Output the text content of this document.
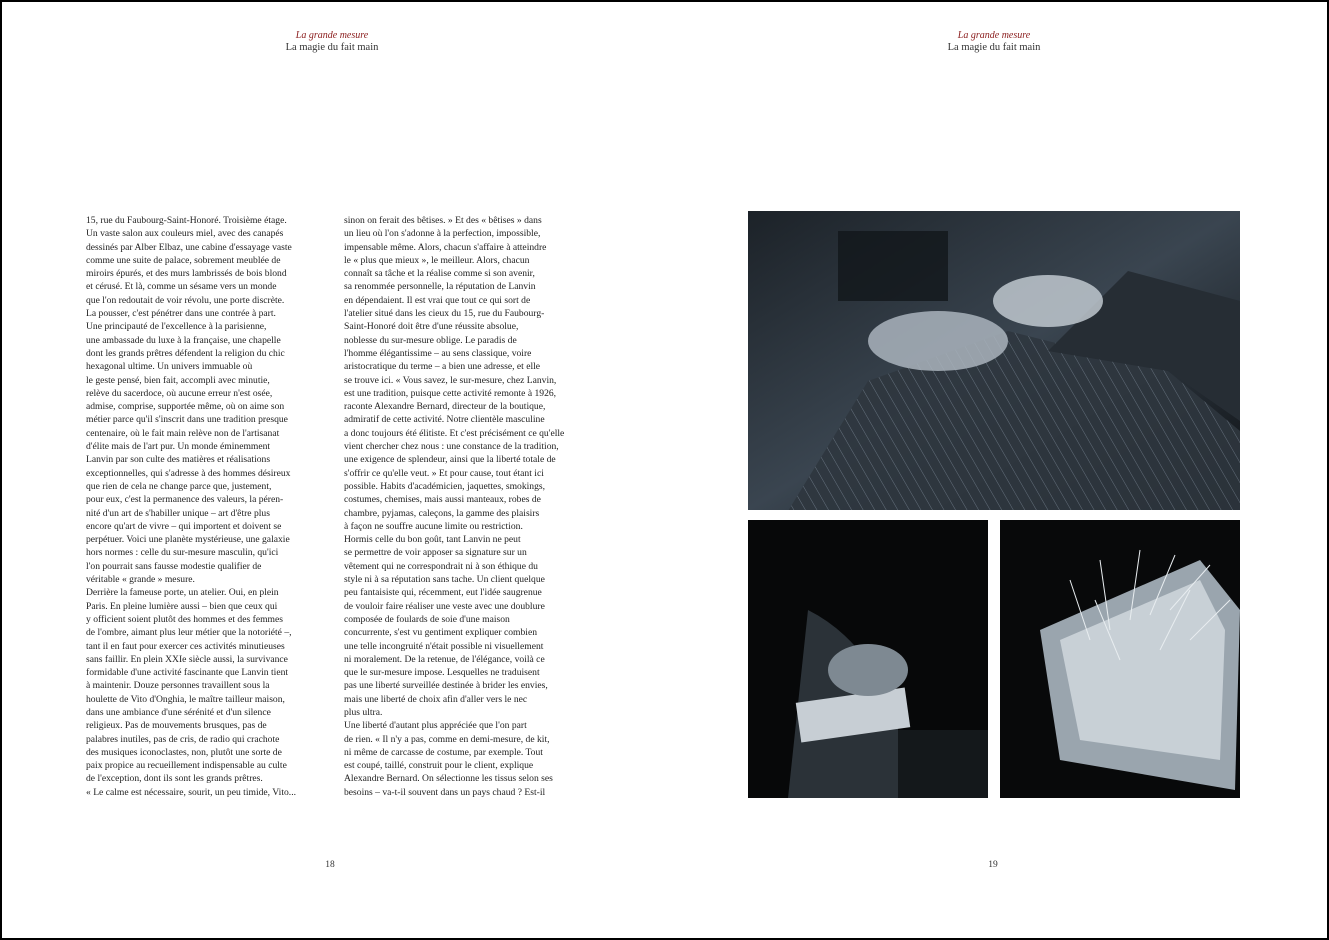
La grande mesure
La magie du fait main
15, rue du Faubourg-Saint-Honoré. Troisième étage.
Un vaste salon aux couleurs miel, avec des canapés
dessinés par Alber Elbaz, une cabine d'essayage vaste
comme une suite de palace, sobrement meublée de
miroirs épurés, et des murs lambrissés de bois blond
et cérusé. Et là, comme un sésame vers un monde
que l'on redoutait de voir révolu, une porte discrète.
La pousser, c'est pénétrer dans une contrée à part.
Une principauté de l'excellence à la parisienne,
une ambassade du luxe à la française, une chapelle
dont les grands prêtres défendent la religion du chic
hexagonal ultime. Un univers immuable où
le geste pensé, bien fait, accompli avec minutie,
relève du sacerdoce, où aucune erreur n'est osée,
admise, comprise, supportée même, où on aime son
métier parce qu'il s'inscrit dans une tradition presque
centenaire, où le fait main relève non de l'artisanat
d'élite mais de l'art pur. Un monde éminemment
Lanvin par son culte des matières et réalisations
exceptionnelles, qui s'adresse à des hommes désireux
que rien de cela ne change parce que, justement,
pour eux, c'est la permanence des valeurs, la péren-
nité d'un art de s'habiller unique – art d'être plus
encore qu'art de vivre – qui importent et doivent se
perpétuer. Voici une planète mystérieuse, une galaxie
hors normes : celle du sur-mesure masculin, qu'ici
l'on pourrait sans fausse modestie qualifier de
véritable « grande » mesure.
Derrière la fameuse porte, un atelier. Oui, en plein
Paris. En pleine lumière aussi – bien que ceux qui
y officient soient plutôt des hommes et des femmes
de l'ombre, aimant plus leur métier que la notoriété –,
tant il en faut pour exercer ces activités minutieuses
sans faillir. En plein XXIe siècle aussi, la survivance
formidable d'une activité fascinante que Lanvin tient
à maintenir. Douze personnes travaillent sous la
houlette de Vito d'Onghia, le maître tailleur maison,
dans une ambiance d'une sérénité et d'un silence
religieux. Pas de mouvements brusques, pas de
palabres inutiles, pas de cris, de radio qui crachote
des musiques iconoclastes, non, plutôt une sorte de
paix propice au recueillement indispensable au culte
de l'exception, dont ils sont les grands prêtres.
« Le calme est nécessaire, sourit, un peu timide, Vito...
sinon on ferait des bêtises. » Et des « bêtises » dans
un lieu où l'on s'adonne à la perfection, impossible,
impensable même. Alors, chacun s'affaire à atteindre
le « plus que mieux », le meilleur. Alors, chacun
connaît sa tâche et la réalise comme si son avenir,
sa renommée personnelle, la réputation de Lanvin
en dépendaient. Il est vrai que tout ce qui sort de
l'atelier situé dans les cieux du 15, rue du Faubourg-
Saint-Honoré doit être d'une réussite absolue,
noblesse du sur-mesure oblige. Le paradis de
l'homme élégantissime – au sens classique, voire
aristocratique du terme – a bien une adresse, et elle
se trouve ici. « Vous savez, le sur-mesure, chez Lanvin,
est une tradition, puisque cette activité remonte à 1926,
raconte Alexandre Bernard, directeur de la boutique,
admiratif de cette activité. Notre clientèle masculine
a donc toujours été élitiste. Et c'est précisément ce qu'elle
vient chercher chez nous : une constance de la tradition,
une exigence de splendeur, ainsi que la liberté totale de
s'offrir ce qu'elle veut. » Et pour cause, tout étant ici
possible. Habits d'académicien, jaquettes, smokings,
costumes, chemises, mais aussi manteaux, robes de
chambre, pyjamas, caleçons, la gamme des plaisirs
à façon ne souffre aucune limite ou restriction.
Hormis celle du bon goût, tant Lanvin ne peut
se permettre de voir apposer sa signature sur un
vêtement qui ne correspondrait ni à son éthique du
style ni à sa réputation sans tache. Un client quelque
peu fantaisiste qui, récemment, eut l'idée saugrenue
de vouloir faire réaliser une veste avec une doublure
composée de foulards de soie d'une maison
concurrente, s'est vu gentiment expliquer combien
une telle incongruité n'était possible ni visuellement
ni moralement. De la retenue, de l'élégance, voilà ce
que le sur-mesure impose. Lesquelles ne traduisent
pas une liberté surveillée destinée à brider les envies,
mais une liberté de choix afin d'aller vers le nec
plus ultra.
Une liberté d'autant plus appréciée que l'on part
de rien. « Il n'y a pas, comme en demi-mesure, de kit,
ni même de carcasse de costume, par exemple. Tout
est coupé, taillé, construit pour le client, explique
Alexandre Bernard. On sélectionne les tissus selon ses
besoins – va-t-il souvent dans un pays chaud ? Est-il
18
La grande mesure
La magie du fait main
19
